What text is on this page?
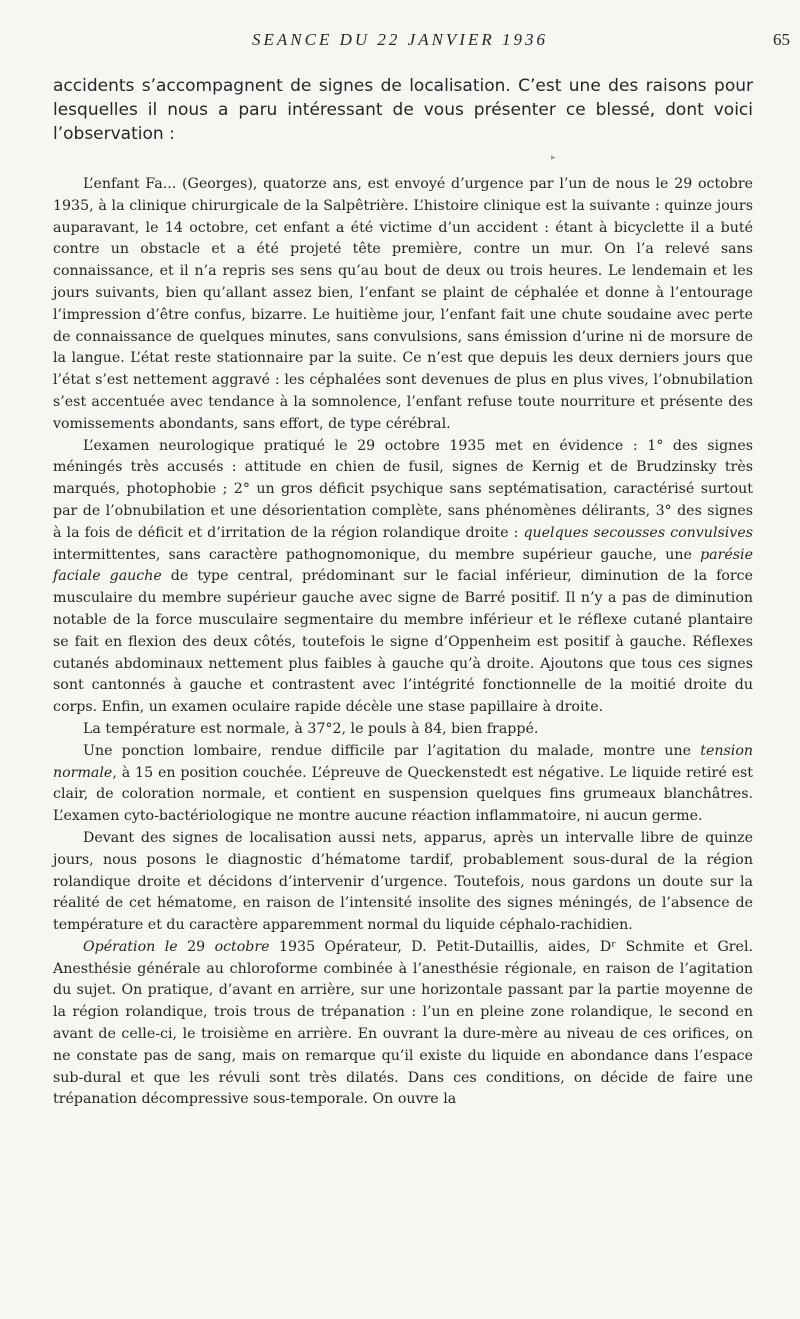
SEANCE DU 22 JANVIER 1936	65
accidents s’accompagnent de signes de localisation. C’est une des raisons pour lesquelles il nous a paru intéressant de vous présenter ce blessé, dont voici l’observation :
▸

L’enfant Fa... (Georges), quatorze ans, est envoyé d’urgence par l’un de nous le 29 octobre 1935, à la clinique chirurgicale de la Salpêtrière. L’histoire clinique est la suivante : quinze jours auparavant, le 14 octobre, cet enfant a été victime d’un accident : étant à bicyclette il a buté contre un obstacle et a été projeté tête première, contre un mur. On l’a relevé sans connaissance, et il n’a repris ses sens qu’au bout de deux ou trois heures. Le lendemain et les jours suivants, bien qu’allant assez bien, l’enfant se plaint de céphalée et donne à l’entourage l’impression d’être confus, bizarre. Le huitième jour, l’enfant fait une chute soudaine avec perte de connaissance de quelques minutes, sans convulsions, sans émission d’urine ni de morsure de la langue. L’état reste stationnaire par la suite. Ce n’est que depuis les deux derniers jours que l’état s’est nettement aggravé : les céphalées sont devenues de plus en plus vives, l’obnubilation s’est accentuée avec tendance à la somnolence, l’enfant refuse toute nourriture et présente des vomissements abondants, sans effort, de type cérébral.

L’examen neurologique pratiqué le 29 octobre 1935 met en évidence : 1° des signes méningés très accusés : attitude en chien de fusil, signes de Kernig et de Brudzinsky très marqués, photophobie ; 2° un gros déficit psychique sans septématisation, caractérisé surtout par de l’obnubilation et une désorientation complète, sans phénomènes délirants, 3° des signes à la fois de déficit et d’irritation de la région rolandique droite : quelques secousses convulsives intermittentes, sans caractère pathognomonique, du membre supérieur gauche, une parésie faciale gauche de type central, prédominant sur le facial inférieur, diminution de la force musculaire du membre supérieur gauche avec signe de Barré positif. Il n’y a pas de diminution notable de la force musculaire segmentaire du membre inférieur et le réflexe cutané plantaire se fait en flexion des deux côtés, toutefois le signe d’Oppenheim est positif à gauche. Réflexes cutanés abdominaux nettement plus faibles à gauche qu’à droite. Ajoutons que tous ces signes sont cantonnés à gauche et contrastent avec l’intégrité fonctionnelle de la moitié droite du corps. Enfin, un examen oculaire rapide décèle une stase papillaire à droite.

La température est normale, à 37°2, le pouls à 84, bien frappé.

Une ponction lombaire, rendue difficile par l’agitation du malade, montre une tension normale, à 15 en position couchée. L’épreuve de Queckenstedt est négative. Le liquide retiré est clair, de coloration normale, et contient en suspension quelques fins grumeaux blanchâtres. L’examen cyto-bactériologique ne montre aucune réaction inflammatoire, ni aucun germe.

Devant des signes de localisation aussi nets, apparus, après un intervalle libre de quinze jours, nous posons le diagnostic d’hématome tardif, probablement sous-dural de la région rolandique droite et décidons d’intervenir d’urgence. Toutefois, nous gardons un doute sur la réalité de cet hématome, en raison de l’intensité insolite des signes méningés, de l’absence de température et du caractère apparemment normal du liquide céphalo-rachidien.

Opération le 29 octobre 1935 Opérateur, D. Petit-Dutaillis, aides, Dʳ Schmite et Grel. Anesthésie générale au chloroforme combinée à l’anesthésie régionale, en raison de l’agitation du sujet. On pratique, d’avant en arrière, sur une horizontale passant par la partie moyenne de la région rolandique, trois trous de trépanation : l’un en pleine zone rolandique, le second en avant de celle-ci, le troisième en arrière. En ouvrant la dure-mère au niveau de ces orifices, on ne constate pas de sang, mais on remarque qu’il existe du liquide en abondance dans l’espace sub-dural et que les révuli sont très dilatés. Dans ces conditions, on décide de faire une trépanation décompressive sous-temporale. On ouvre la
